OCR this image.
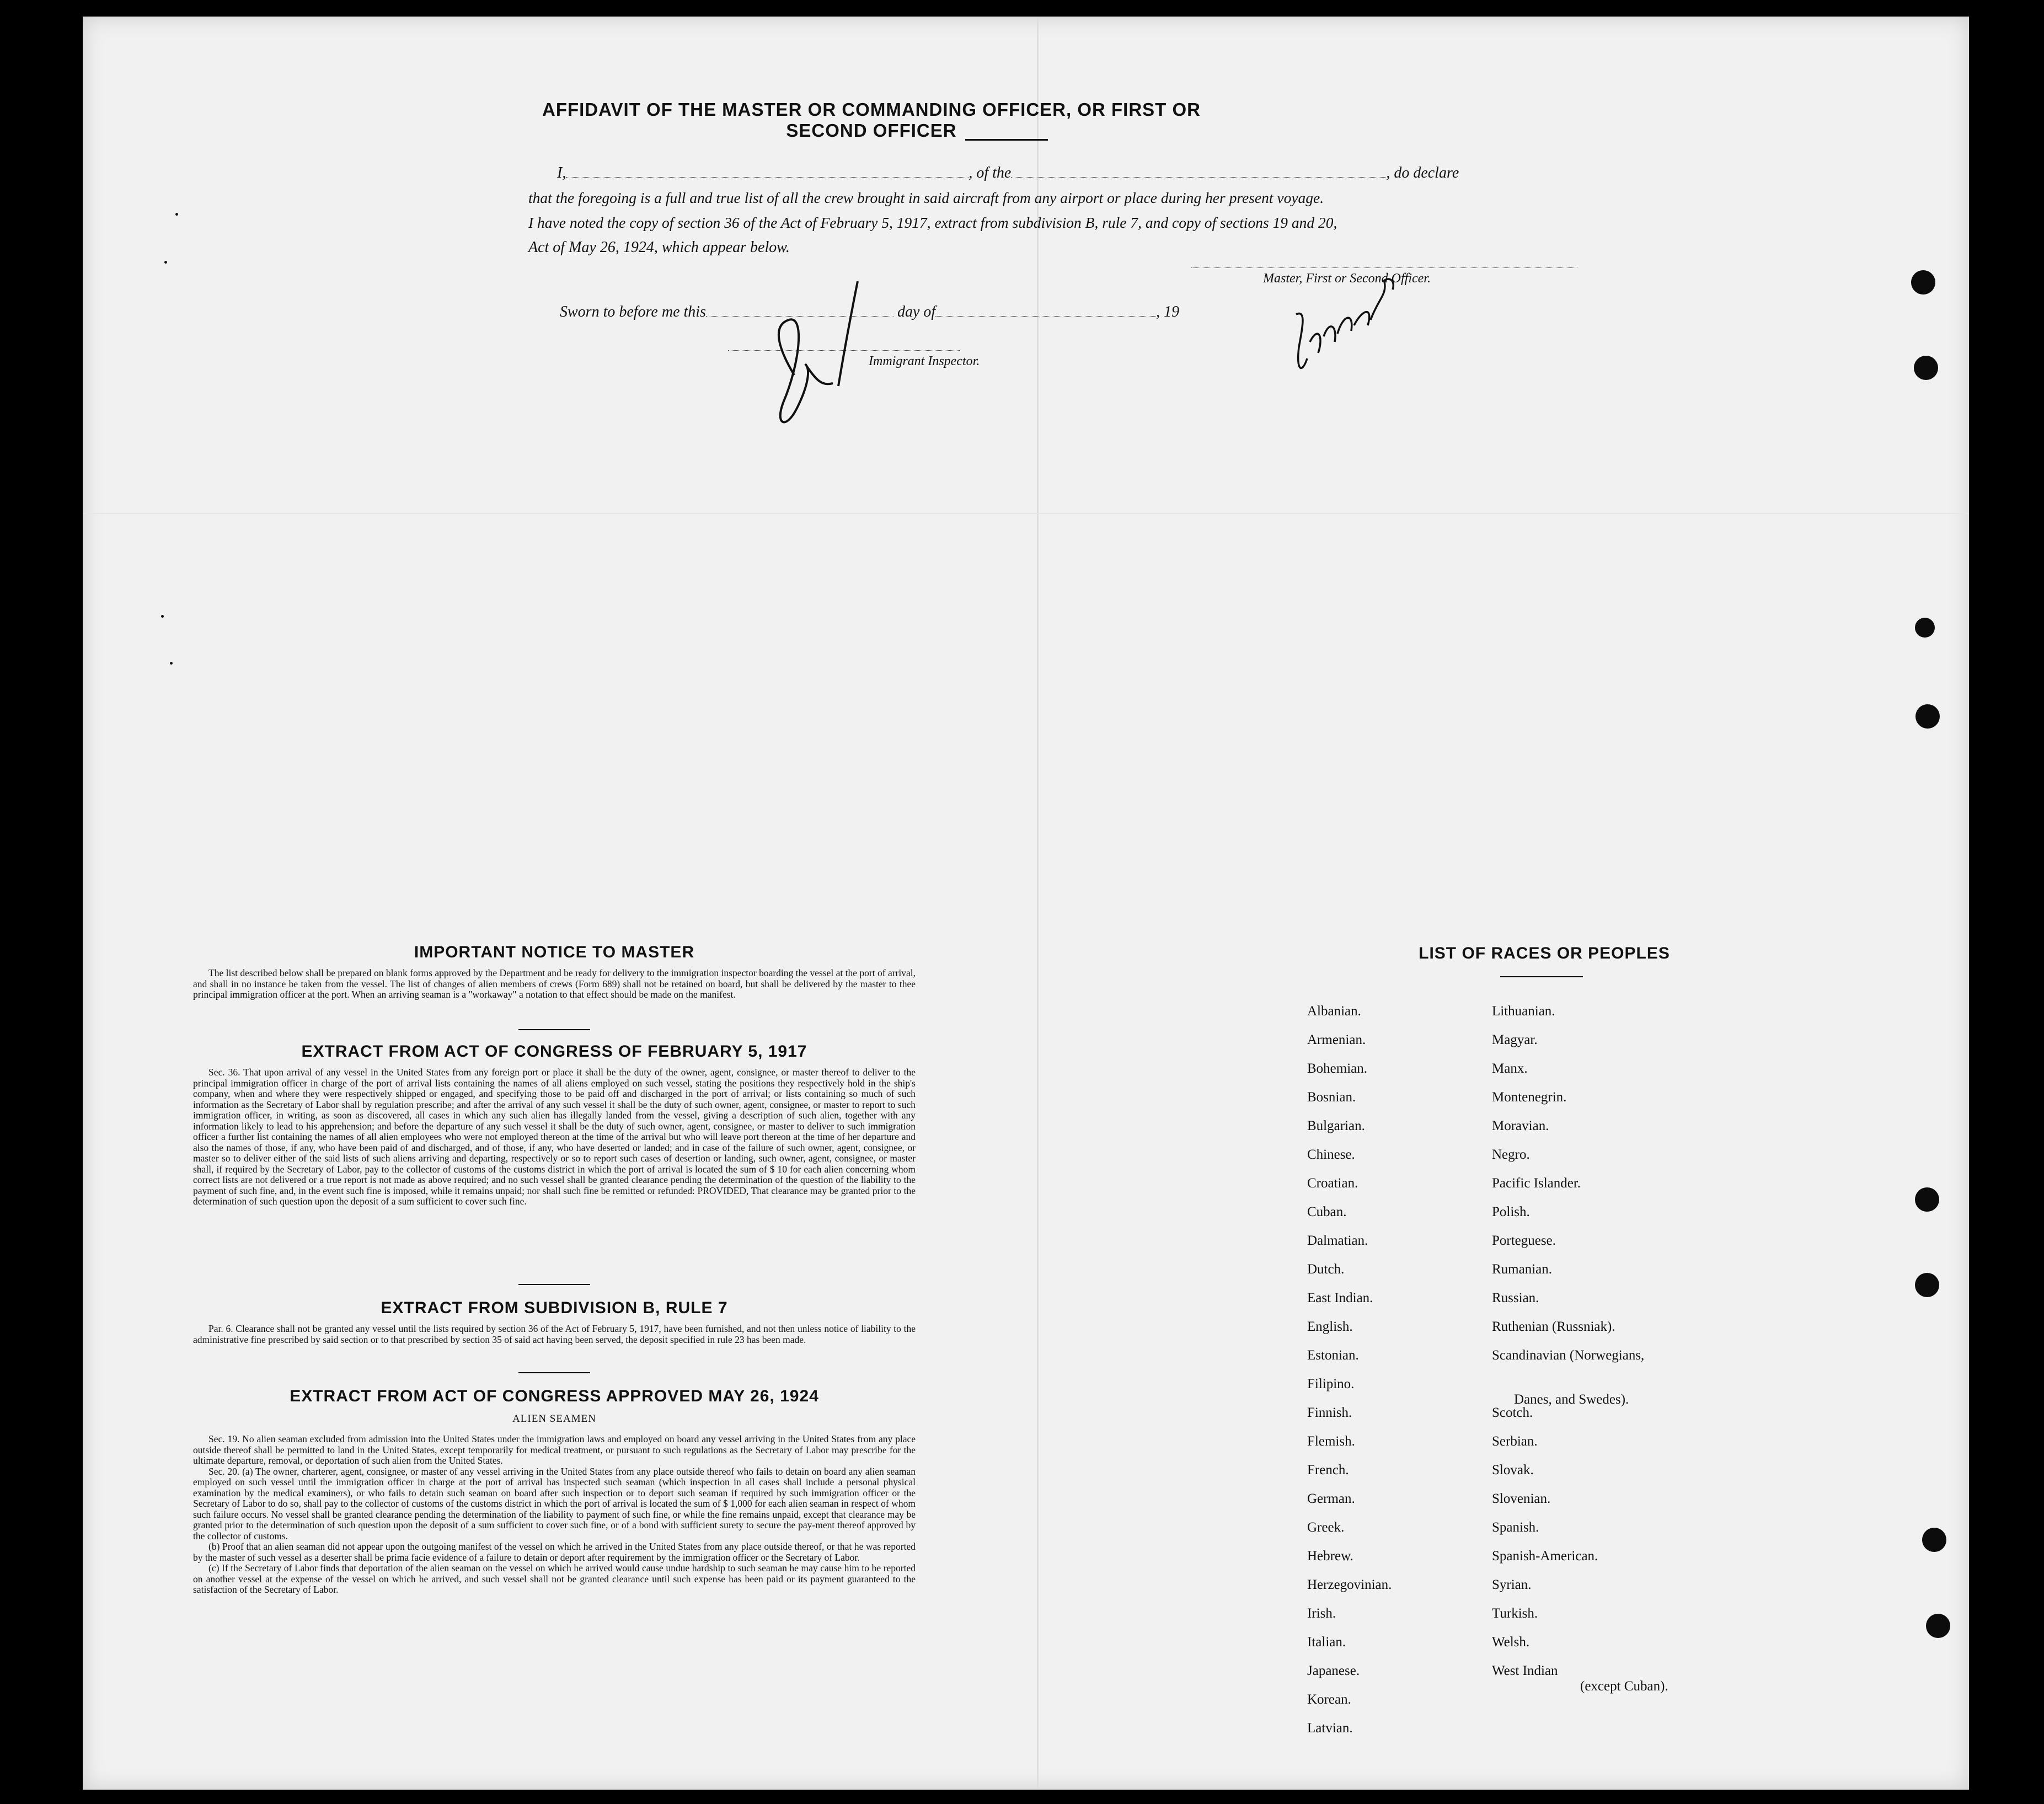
AFFIDAVIT OF THE MASTER OR COMMANDING OFFICER, OR FIRST OR SECOND OFFICER
I,	, of the	, do declare
that the foregoing is a full and true list of all the crew brought in said aircraft from any airport or place during her present voyage.
I have noted the copy of section 36 of the Act of February 5, 1917, extract from subdivision B, rule 7, and copy of sections 19 and 20,
Act of May 26, 1924, which appear below.
Master, First or Second Officer.
Sworn to before me this	day of	, 19
Immigrant Inspector.
IMPORTANT NOTICE TO MASTER

The list described below shall be prepared on blank forms approved by the Department and be ready for delivery to the immigration inspector boarding the vessel at the port of arrival, and shall in no instance be taken from the vessel. The list of changes of alien members of crews (Form 689) shall not be retained on board, but shall be delivered by the master to thee principal immigration officer at the port. When an arriving seaman is a "workaway" a notation to that effect should be made on the manifest.

EXTRACT FROM ACT OF CONGRESS OF FEBRUARY 5, 1917

Sec. 36. That upon arrival of any vessel in the United States from any foreign port or place it shall be the duty of the owner, agent, consignee, or master thereof to deliver to the principal immigration officer in charge of the port of arrival lists containing the names of all aliens employed on such vessel, stating the positions they respectively hold in the ship's company, when and where they were respectively shipped or engaged, and specifying those to be paid off and discharged in the port of arrival; or lists containing so much of such information as the Secretary of Labor shall by regulation prescribe; and after the arrival of any such vessel it shall be the duty of such owner, agent, consignee, or master to report to such immigration officer, in writing, as soon as discovered, all cases in which any such alien has illegally landed from the vessel, giving a description of such alien, together with any information likely to lead to his apprehension; and before the departure of any such vessel it shall be the duty of such owner, agent, consignee, or master to deliver to such immigration officer a further list containing the names of all alien employees who were not employed thereon at the time of the arrival but who will leave port thereon at the time of her departure and also the names of those, if any, who have been paid of and discharged, and of those, if any, who have deserted or landed; and in case of the failure of such owner, agent, consignee, or master so to deliver either of the said lists of such aliens arriving and departing, respectively or so to report such cases of desertion or landing, such owner, agent, consignee, or master shall, if required by the Secretary of Labor, pay to the collector of customs of the customs district in which the port of arrival is located the sum of $ 10 for each alien concerning whom correct lists are not delivered or a true report is not made as above required; and no such vessel shall be granted clearance pending the determination of the question of the liability to the payment of such fine, and, in the event such fine is imposed, while it remains unpaid; nor shall such fine be remitted or refunded: PROVIDED, That clearance may be granted prior to the determination of such question upon the deposit of a sum sufficient to cover such fine.

EXTRACT FROM SUBDIVISION B, RULE 7

Par. 6. Clearance shall not be granted any vessel until the lists required by section 36 of the Act of February 5, 1917, have been furnished, and not then unless notice of liability to the administrative fine prescribed by said section or to that prescribed by section 35 of said act having been served, the deposit specified in rule 23 has been made.

EXTRACT FROM ACT OF CONGRESS APPROVED MAY 26, 1924
ALIEN SEAMEN

Sec. 19. No alien seaman excluded from admission into the United States under the immigration laws and employed on board any vessel arriving in the United States from any place outside thereof shall be permitted to land in the United States, except temporarily for medical treatment, or pursuant to such regulations as the Secretary of Labor may prescribe for the ultimate departure, removal, or deportation of such alien from the United States.

Sec. 20. (a) The owner, charterer, agent, consignee, or master of any vessel arriving in the United States from any place outside thereof who fails to detain on board any alien seaman employed on such vessel until the immigration officer in charge at the port of arrival has inspected such seaman (which inspection in all cases shall include a personal physical examination by the medical examiners), or who fails to detain such seaman on board after such inspection or to deport such seaman if required by such immigration officer or the Secretary of Labor to do so, shall pay to the collector of customs of the customs district in which the port of arrival is located the sum of $ 1,000 for each alien seaman in respect of whom such failure occurs. No vessel shall be granted clearance pending the determination of the liability to payment of such fine, or while the fine remains unpaid, except that clearance may be granted prior to the determination of such question upon the deposit of a sum sufficient to cover such fine, or of a bond with sufficient surety to secure the pay-ment thereof approved by the collector of customs.

(b) Proof that an alien seaman did not appear upon the outgoing manifest of the vessel on which he arrived in the United States from any place outside thereof, or that he was reported by the master of such vessel as a deserter shall be prima facie evidence of a failure to detain or deport after requirement by the immigration officer or the Secretary of Labor.

(c) If the Secretary of Labor finds that deportation of the alien seaman on the vessel on which he arrived would cause undue hardship to such seaman he may cause him to be reported on another vessel at the expense of the vessel on which he arrived, and such vessel shall not be granted clearance until such expense has been paid or its payment guaranteed to the satisfaction of the Secretary of Labor.

LIST OF RACES OR PEOPLES
Albanian.
Armenian.
Bohemian.
Bosnian.
Bulgarian.
Chinese.
Croatian.
Cuban.
Dalmatian.
Dutch.
East Indian.
English.
Estonian.
Filipino.
Finnish.
Flemish.
French.
German.
Greek.
Hebrew.
Herzegovinian.
Irish.
Italian.
Japanese.
Korean.
Latvian.
Lithuanian.
Magyar.
Manx.
Montenegrin.
Moravian.
Negro.
Pacific Islander.
Polish.
Porteguese.
Rumanian.
Russian.
Ruthenian (Russniak).
Scandinavian (Norwegians,
Danes, and Swedes).
Scotch.
Serbian.
Slovak.
Slovenian.
Spanish.
Spanish-American.
Syrian.
Turkish.
Welsh.
West Indian
(except Cuban).
